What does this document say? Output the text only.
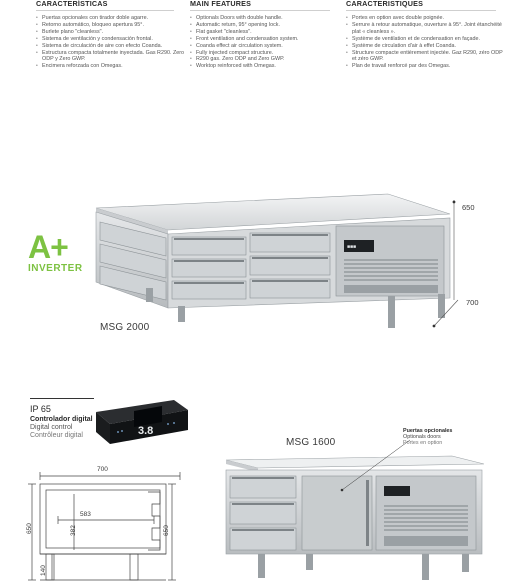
CARACTERÍSTICAS
• Puertas opcionales con tirador doble agarre.
• Retorno automático, bloqueo apertura 95°.
• Burlete plano "cleanless".
• Sistema de ventilación y condensación frontal.
• Sistema de circulación de aire con efecto Coanda.
• Estructura compacta totalmente inyectada. Gas R290. Zero ODP y Zero GWP.
• Encimera reforzada con Omegas.
MAIN FEATURES
• Optionals Doors with double handle.
• Automatic return, 95° opening lock.
• Flat gasket "cleanless".
• Front ventilation and condensation system.
• Coanda effect air circulation system.
• Fully injected compact structure.
• R290 gas. Zero ODP and Zero GWP.
• Worktop reinforced with Omegas.
CARACTERISTIQUES
• Portes en option avec double poignée.
• Serrure à retour automatique, ouverture à 95°. Joint étanchéité plat « cleanless ».
• Système de ventilation et de condensation en façade.
• Système de circulation d'air à effet Coanda.
• Structure compacte entièrement injectée. Gaz R290, zéro ODP et zéro GWP.
• Plan de travail renforcé par des Omegas.
A+
INVERTER
■■■
650
700
MSG 2000
IP 65
Controlador digital
Digital control
Contrôleur digital	3.8
700
583
382
650	650
140
MSG 1600
Puertas opcionales
Optionals doors
Portes en option
